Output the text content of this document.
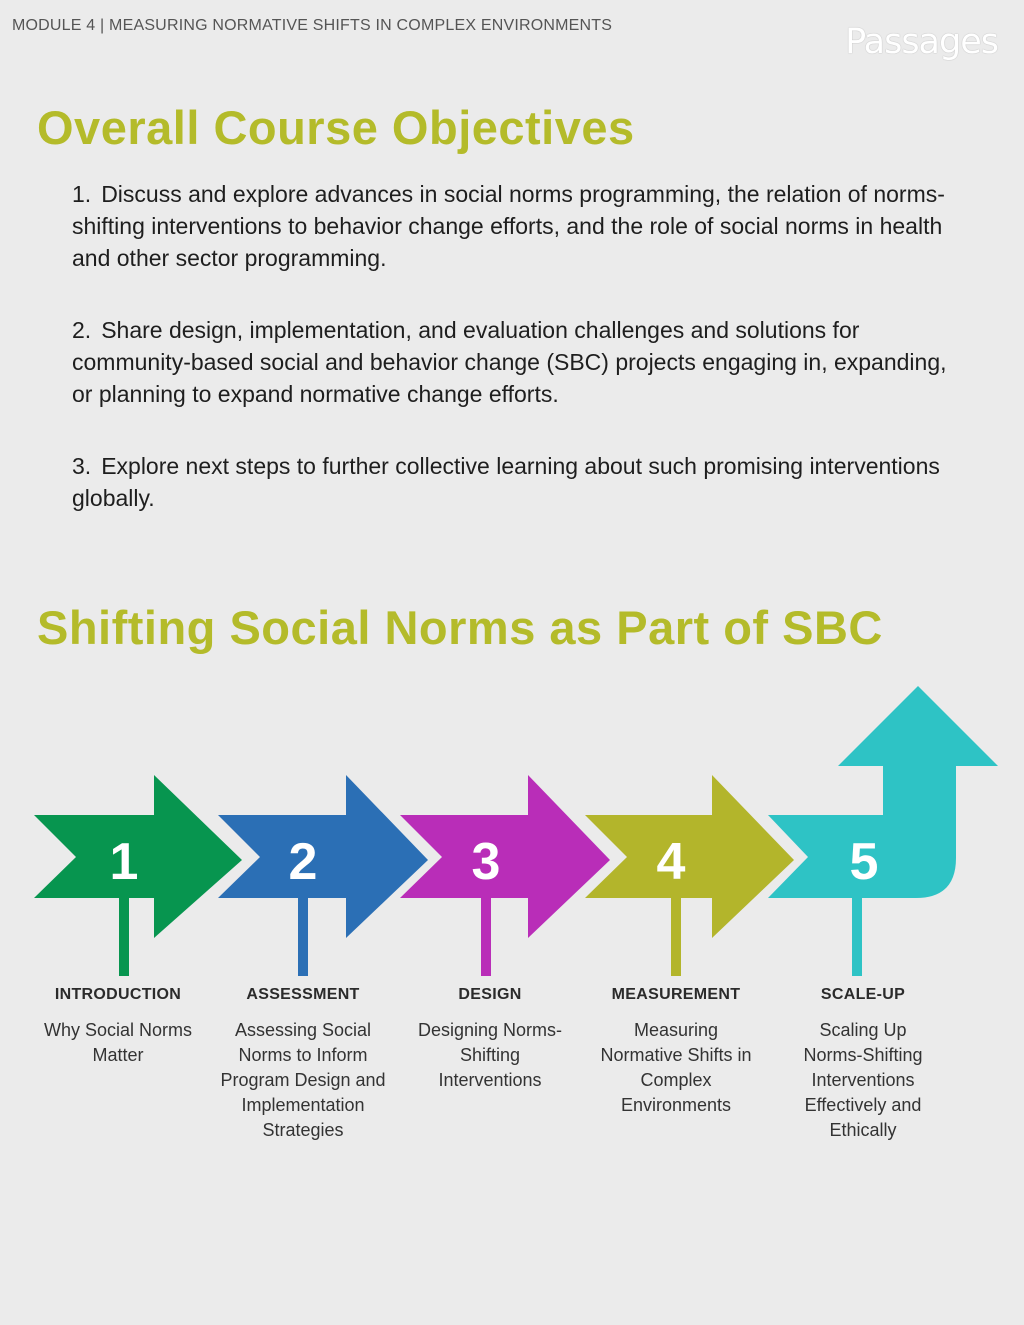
MODULE 4 | MEASURING NORMATIVE SHIFTS IN COMPLEX ENVIRONMENTS	Passages
Overall Course Objectives
1. Discuss and explore advances in social norms programming, the relation of norms-shifting interventions to behavior change efforts, and the role of social norms in health and other sector programming.
2. Share design, implementation, and evaluation challenges and solutions for community-based social and behavior change (SBC) projects engaging in, expanding, or planning to expand normative change efforts.
3. Explore next steps to further collective learning about such promising interventions globally.
Shifting Social Norms as Part of SBC
1	2	3	4	5
INTRODUCTION
Why Social Norms Matter
ASSESSMENT
Assessing Social Norms to Inform Program Design and Implementation Strategies
DESIGN
Designing Norms-Shifting Interventions
MEASUREMENT
Measuring Normative Shifts in Complex Environments
SCALE-UP
Scaling Up Norms-Shifting Interventions Effectively and Ethically
